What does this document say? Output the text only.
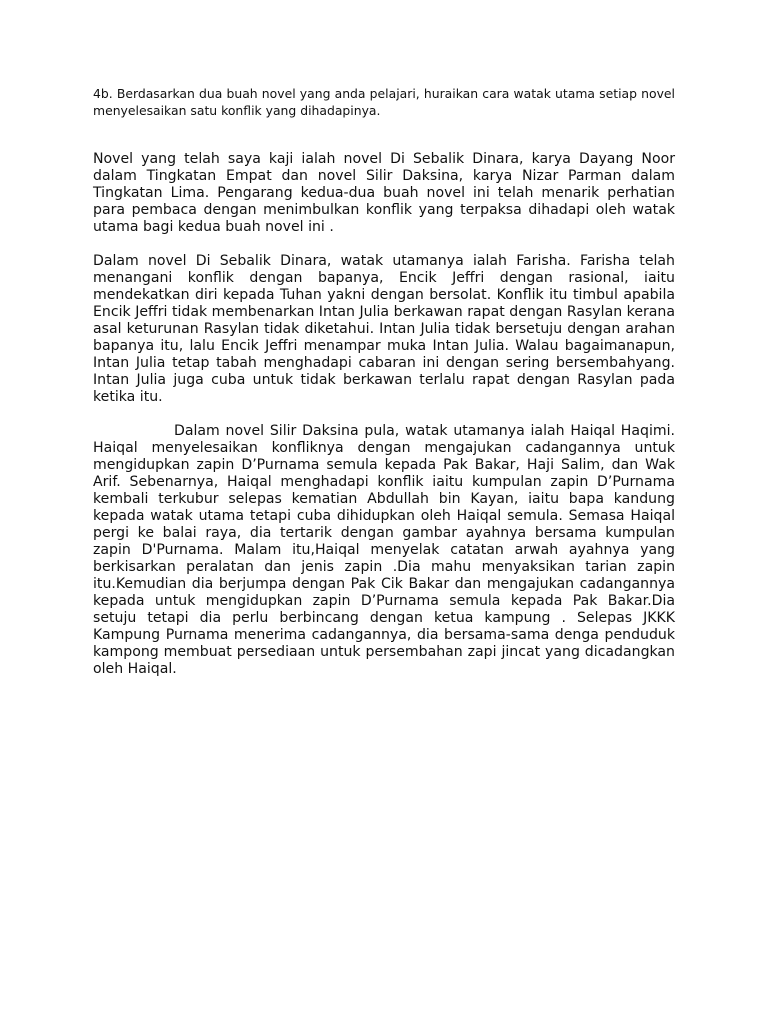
4b. Berdasarkan dua buah novel yang anda pelajari, huraikan cara watak utama setiap novel menyelesaikan satu konflik yang dihadapinya.

Novel yang telah saya kaji ialah novel Di Sebalik Dinara, karya Dayang Noor dalam Tingkatan Empat dan novel Silir Daksina, karya Nizar Parman dalam Tingkatan Lima. Pengarang kedua-dua buah novel ini telah menarik perhatian para pembaca dengan menimbulkan konflik yang terpaksa dihadapi oleh watak utama bagi kedua buah novel ini .

Dalam novel Di Sebalik Dinara, watak utamanya ialah Farisha. Farisha telah menangani konflik dengan bapanya, Encik Jeffri dengan rasional, iaitu mendekatkan diri kepada Tuhan yakni dengan bersolat. Konflik itu timbul apabila Encik Jeffri tidak membenarkan Intan Julia berkawan rapat dengan Rasylan kerana asal keturunan Rasylan tidak diketahui. Intan Julia tidak bersetuju dengan arahan bapanya itu, lalu Encik Jeffri menampar muka Intan Julia. Walau bagaimanapun, Intan Julia tetap tabah menghadapi cabaran ini dengan sering bersembahyang. Intan Julia juga cuba untuk tidak berkawan terlalu rapat dengan Rasylan pada ketika itu.

Dalam novel Silir Daksina pula, watak utamanya ialah Haiqal Haqimi. Haiqal menyelesaikan konfliknya dengan mengajukan cadangannya untuk mengidupkan zapin D’Purnama semula kepada Pak Bakar, Haji Salim, dan Wak Arif. Sebenarnya, Haiqal menghadapi konflik iaitu kumpulan zapin D’Purnama kembali terkubur selepas kematian Abdullah bin Kayan, iaitu bapa kandung kepada watak utama tetapi cuba dihidupkan oleh Haiqal semula. Semasa Haiqal pergi ke balai raya, dia tertarik dengan gambar ayahnya bersama kumpulan zapin D'Purnama. Malam itu,Haiqal menyelak catatan arwah ayahnya yang berkisarkan peralatan dan jenis zapin .Dia mahu menyaksikan tarian zapin itu.Kemudian dia berjumpa dengan Pak Cik Bakar dan mengajukan cadangannya kepada untuk mengidupkan zapin D’Purnama semula kepada Pak Bakar.Dia setuju tetapi dia perlu berbincang dengan ketua kampung . Selepas JKKK Kampung Purnama menerima cadangannya, dia bersama-sama denga penduduk kampong membuat persediaan untuk persembahan zapi jincat yang dicadangkan oleh Haiqal.
